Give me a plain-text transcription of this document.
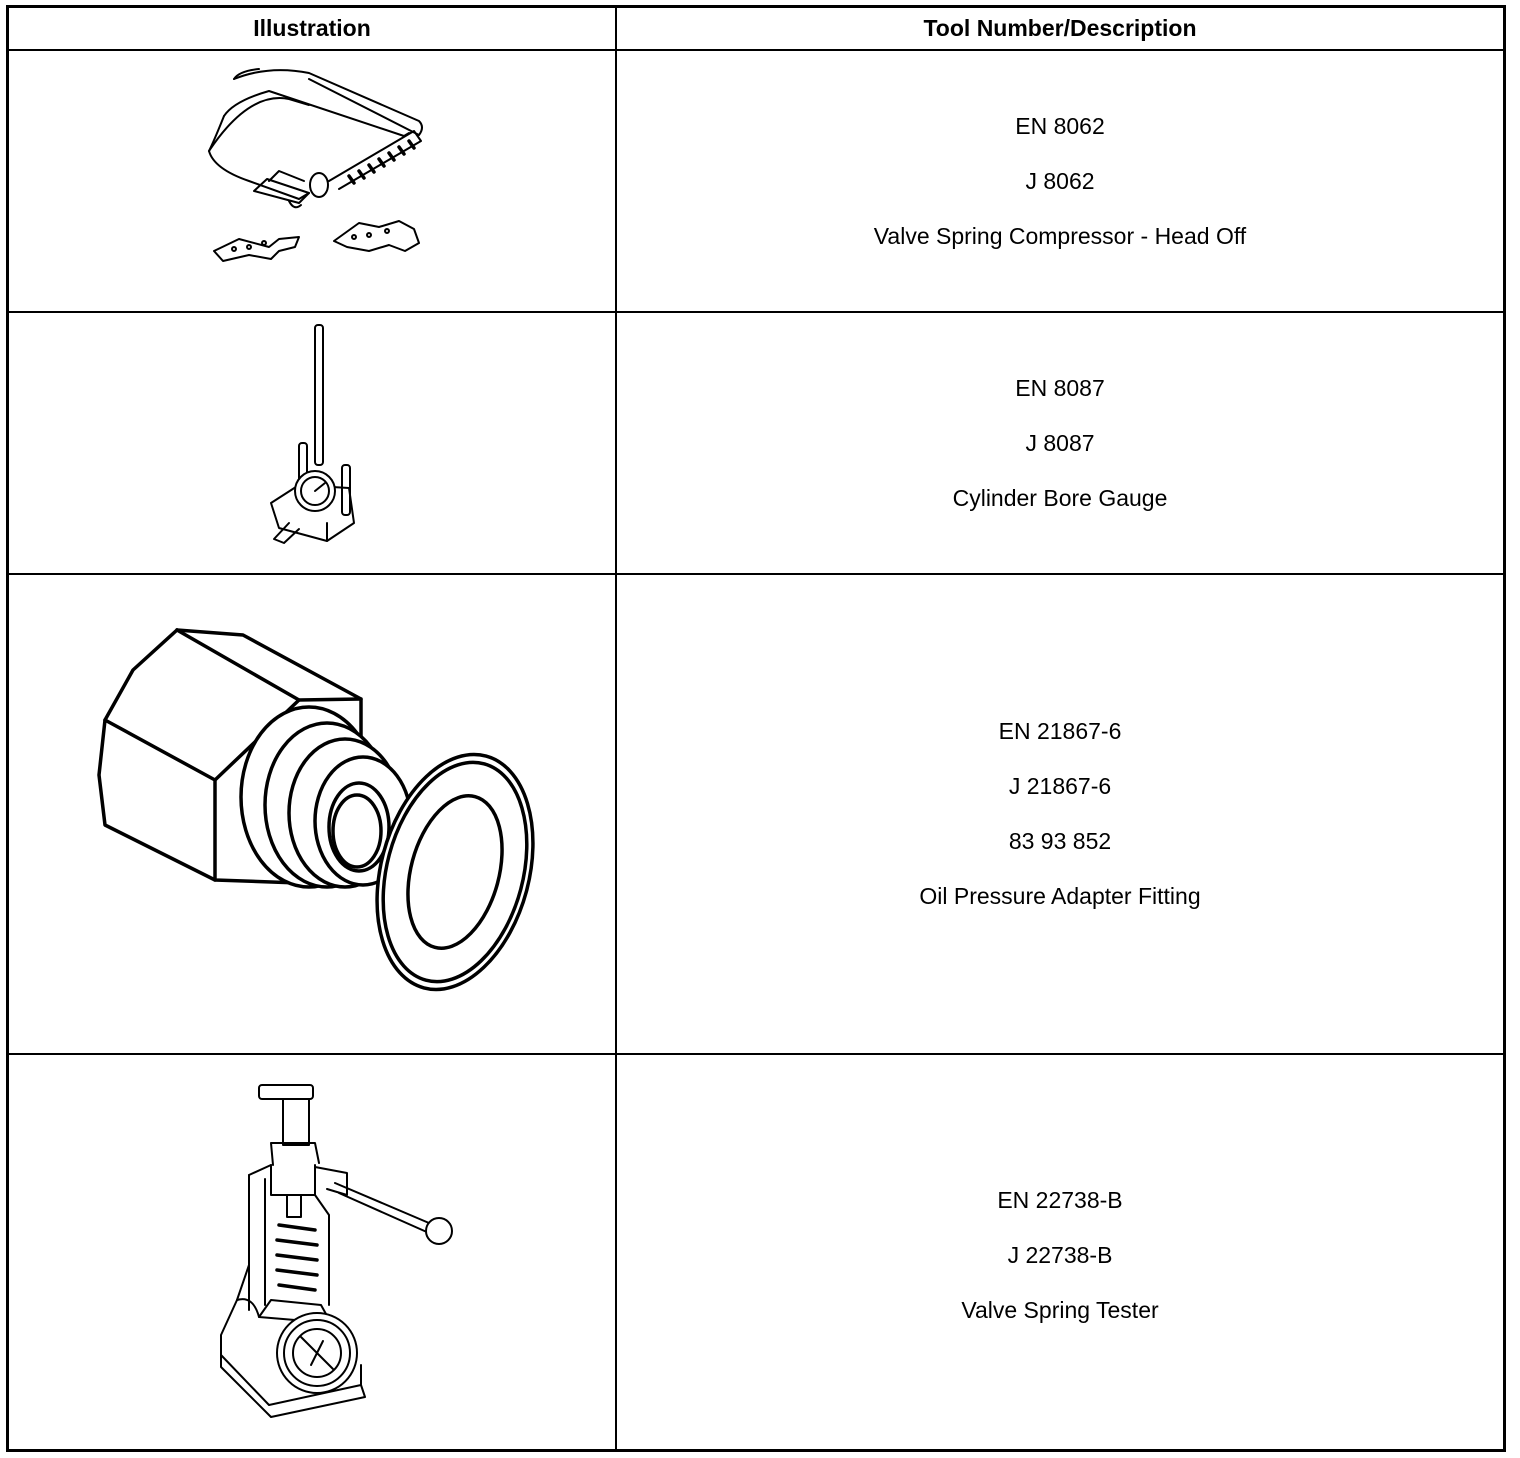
Illustration	Tool Number/Description
EN 8062
J 8062
Valve Spring Compressor - Head Off
EN 8087
J 8087
Cylinder Bore Gauge
EN 21867-6
J 21867-6
83 93 852
Oil Pressure Adapter Fitting
EN 22738-B
J 22738-B
Valve Spring Tester
